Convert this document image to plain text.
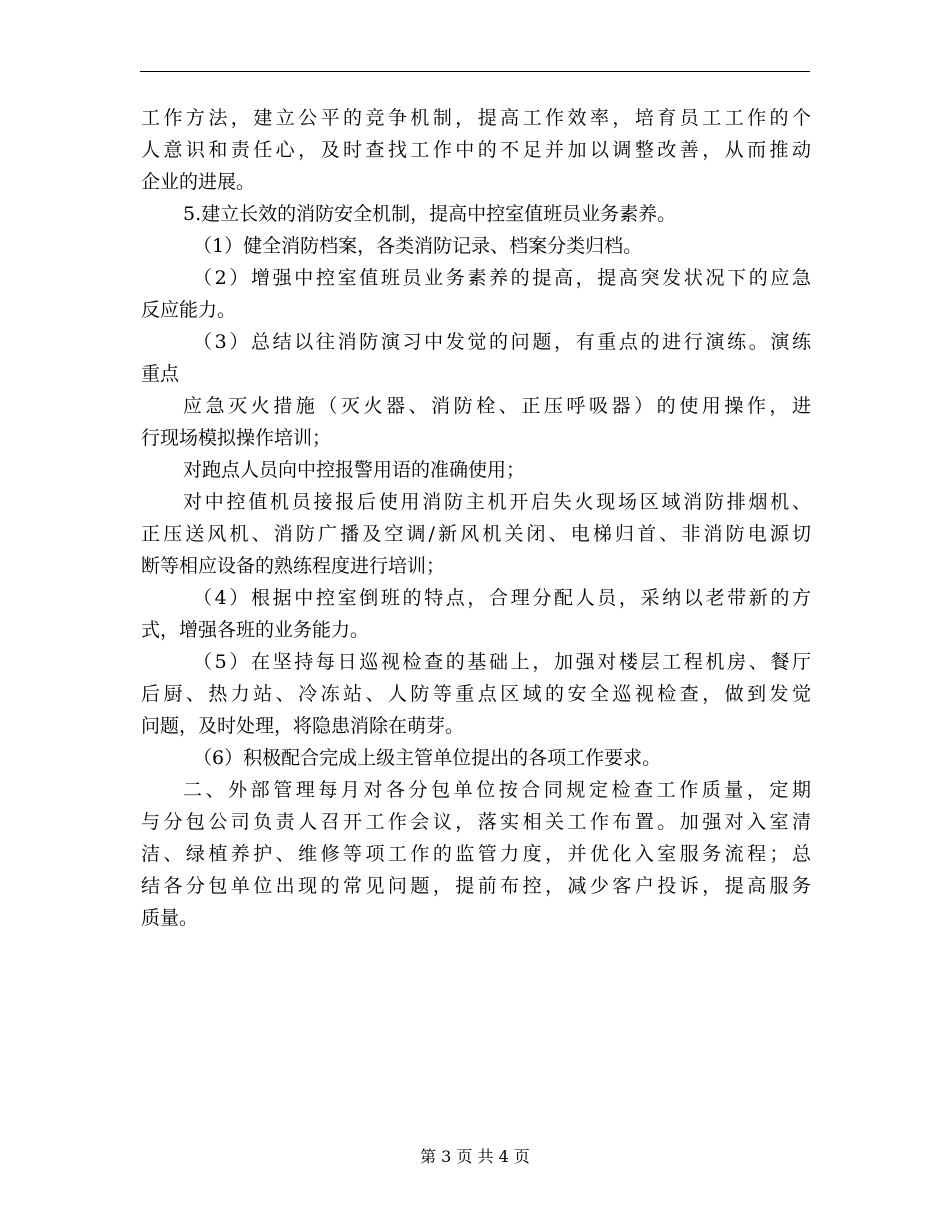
工作方法，建立公平的竞争机制，提高工作效率，培育员工工作的个
人意识和责任心，及时查找工作中的不足并加以调整改善，从而推动
企业的进展。
5.建立长效的消防安全机制，提高中控室值班员业务素养。
（1）健全消防档案，各类消防记录、档案分类归档。
（2）增强中控室值班员业务素养的提高，提高突发状况下的应急
反应能力。
（3）总结以往消防演习中发觉的问题，有重点的进行演练。演练
重点
应急灭火措施（灭火器、消防栓、正压呼吸器）的使用操作，进
行现场模拟操作培训；
对跑点人员向中控报警用语的准确使用；
对中控值机员接报后使用消防主机开启失火现场区域消防排烟机、
正压送风机、消防广播及空调/新风机关闭、电梯归首、非消防电源切
断等相应设备的熟练程度进行培训；
（4）根据中控室倒班的特点，合理分配人员，采纳以老带新的方
式，增强各班的业务能力。
（5）在坚持每日巡视检查的基础上，加强对楼层工程机房、餐厅
后厨、热力站、冷冻站、人防等重点区域的安全巡视检查，做到发觉
问题，及时处理，将隐患消除在萌芽。
（6）积极配合完成上级主管单位提出的各项工作要求。
二、外部管理每月对各分包单位按合同规定检查工作质量，定期
与分包公司负责人召开工作会议，落实相关工作布置。加强对入室清
洁、绿植养护、维修等项工作的监管力度，并优化入室服务流程；总
结各分包单位出现的常见问题，提前布控，减少客户投诉，提高服务
质量。
第 3 页 共 4 页
